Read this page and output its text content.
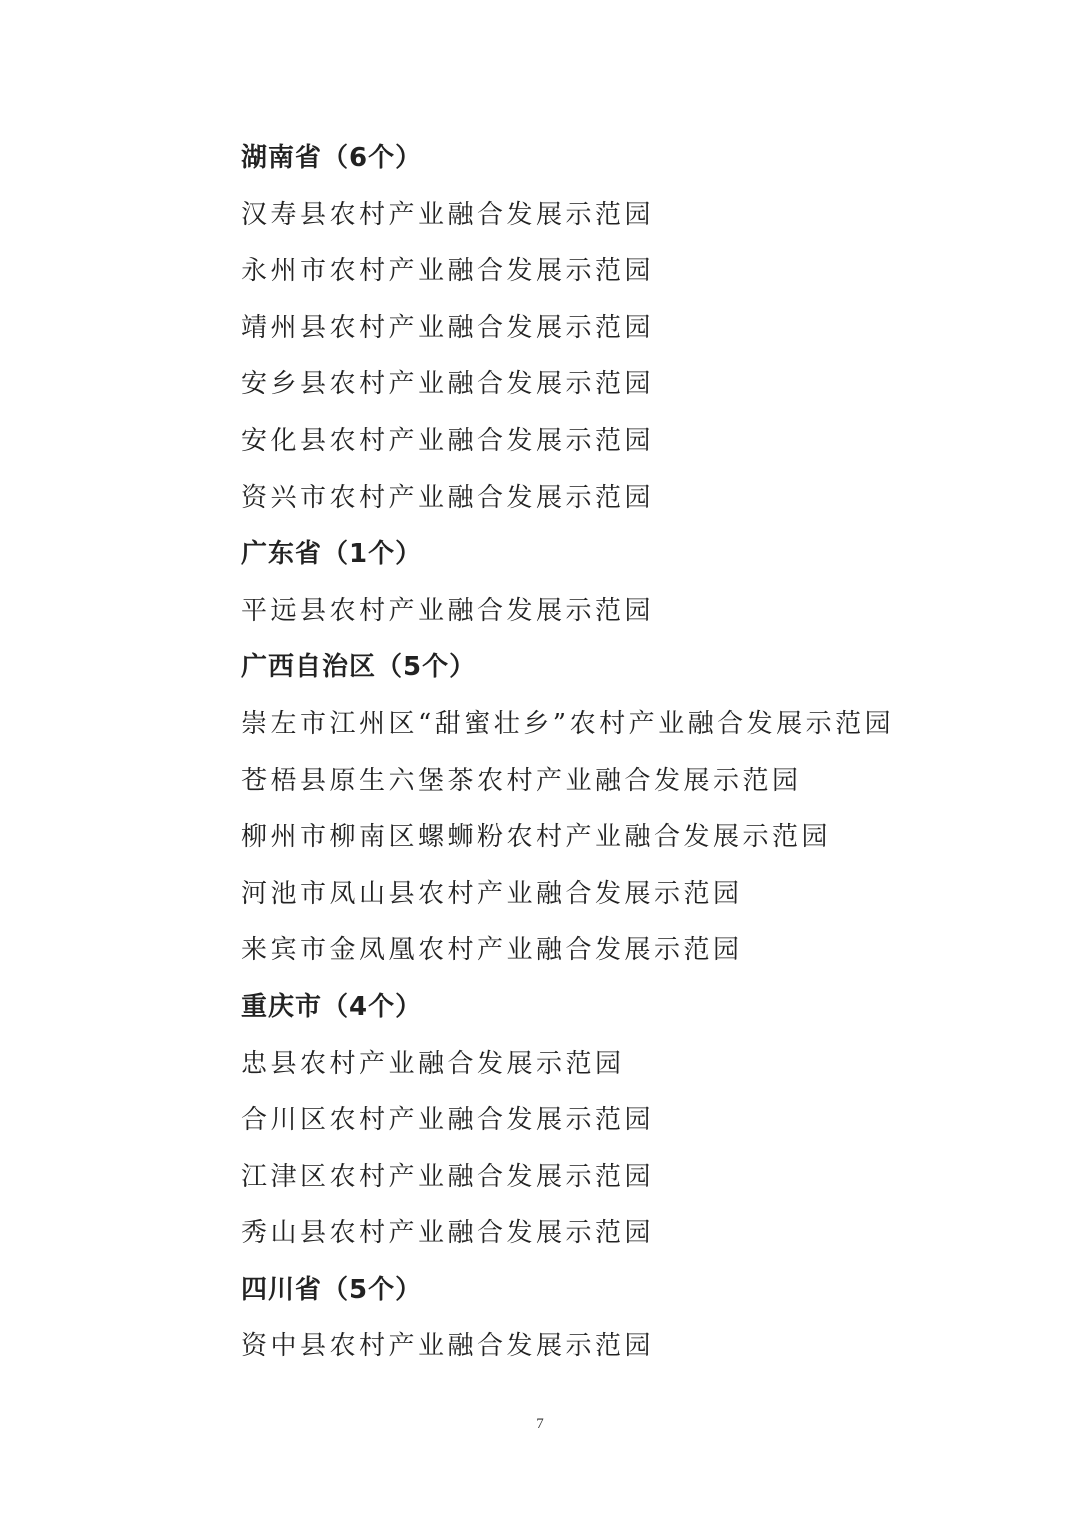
湖南省（6个）
汉寿县农村产业融合发展示范园
永州市农村产业融合发展示范园
靖州县农村产业融合发展示范园
安乡县农村产业融合发展示范园
安化县农村产业融合发展示范园
资兴市农村产业融合发展示范园
广东省（1个）
平远县农村产业融合发展示范园
广西自治区（5个）
崇左市江州区“甜蜜壮乡”农村产业融合发展示范园
苍梧县原生六堡茶农村产业融合发展示范园
柳州市柳南区螺蛳粉农村产业融合发展示范园
河池市凤山县农村产业融合发展示范园
来宾市金凤凰农村产业融合发展示范园
重庆市（4个）
忠县农村产业融合发展示范园
合川区农村产业融合发展示范园
江津区农村产业融合发展示范园
秀山县农村产业融合发展示范园
四川省（5个）
资中县农村产业融合发展示范园
7
